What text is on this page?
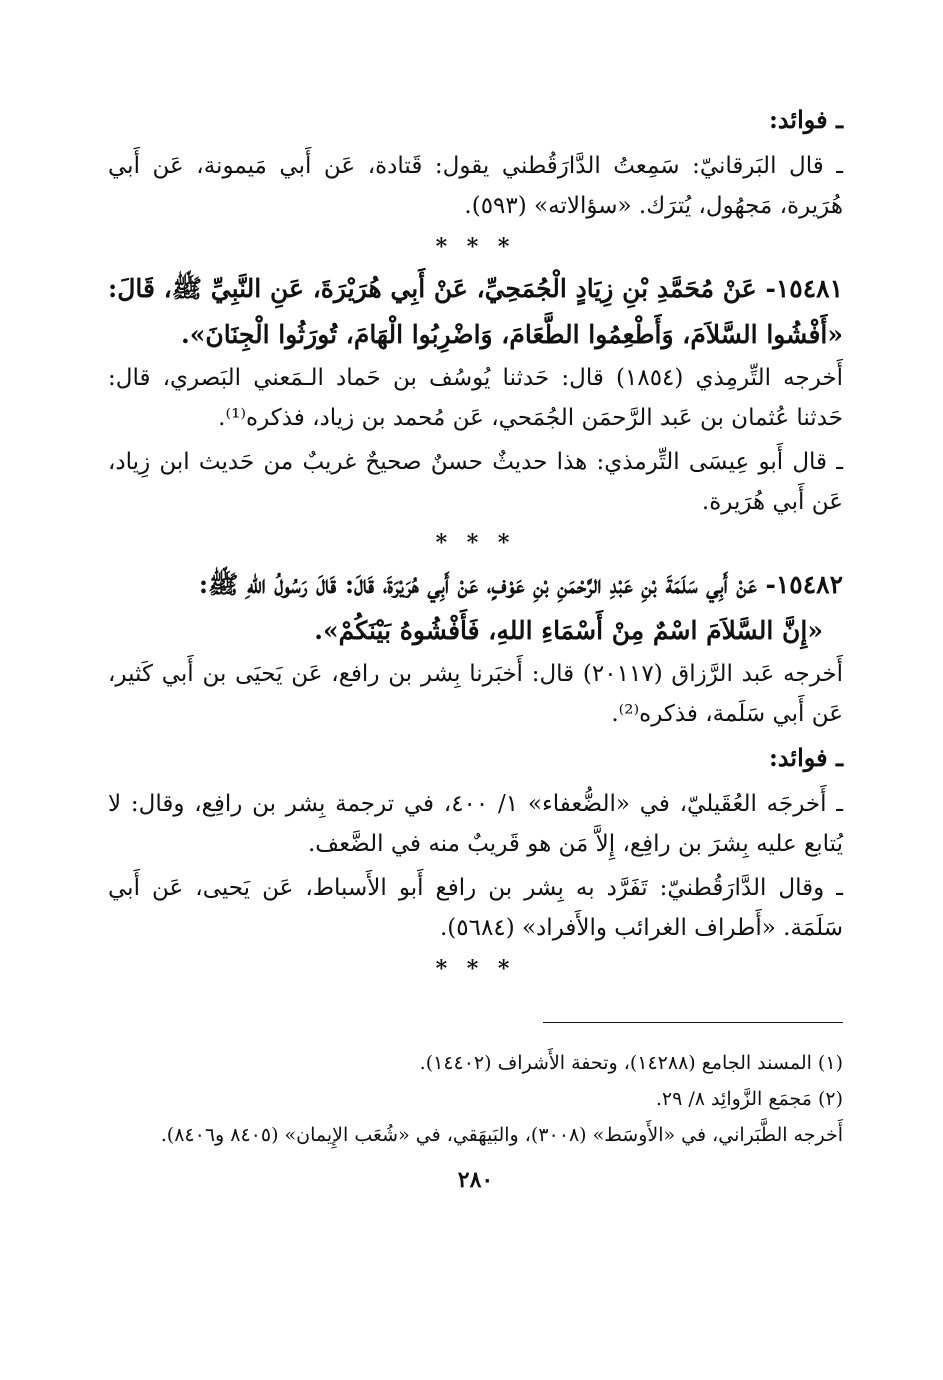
ـ فوائد:

ـ قال البَرقانيّ: سَمِعتُ الدَّارَقُطني يقول: قَتادة، عَن أَبي مَيمونة، عَن أَبي هُرَيرة، مَجهُول، يُترَك. «سؤالاته» (٥٩٣).

* * *

١٥٤٨١- عَنْ مُحَمَّدِ بْنِ زِيَادٍ الْجُمَحِيِّ، عَنْ أَبِي هُرَيْرَةَ، عَنِ النَّبِيِّ ﷺ، قَالَ: «أَفْشُوا السَّلاَمَ، وَأَطْعِمُوا الطَّعَامَ، وَاضْرِبُوا الْهَامَ، تُورَثُوا الْجِنَانَ».

أَخرجه التِّرمِذي (١٨٥٤) قال: حَدثنا يُوسُف بن حَماد الـمَعني البَصري، قال: حَدثنا عُثمان بن عَبد الرَّحمَن الجُمَحي، عَن مُحمد بن زياد، فذكره⁽¹⁾.

ـ قال أَبو عِيسَى التِّرمذي: هذا حديثٌ حسنٌ صحيحٌ غريبٌ من حَديث ابن زِياد، عَن أَبي هُرَيرة.

* * *

١٥٤٨٢- عَنْ أَبِي سَلَمَةَ بْنِ عَبْدِ الرَّحْمَنِ بْنِ عَوْفٍ، عَنْ أَبِي هُرَيْرَةَ، قَالَ: قَالَ رَسُولُ اللهِ ﷺ:

«إِنَّ السَّلاَمَ اسْمٌ مِنْ أَسْمَاءِ اللهِ، فَأَفْشُوهُ بَيْنَكُمْ».

أَخرجه عَبد الرَّزاق (٢٠١١٧) قال: أَخبَرنا بِشر بن رافع، عَن يَحيَى بن أَبي كَثير، عَن أَبي سَلَمة، فذكره⁽²⁾.

ـ فوائد:

ـ أَخرجَه العُقَيليّ، في «الضُّعفاء» ١/ ٤٠٠، في ترجمة بِشر بن رافِع، وقال: لا يُتابع عليه بِشرَ بن رافِع، إِلاَّ مَن هو قَريبٌ منه في الضَّعف.

ـ وقال الدَّارَقُطنيّ: تَفَرَّد به بِشر بن رافع أَبو الأَسباط، عَن يَحيى، عَن أَبي سَلَمَة. «أَطراف الغرائب والأَفراد» (٥٦٨٤).

* * *

(١) المسند الجامع (١٤٢٨٨)، وتحفة الأَشراف (١٤٤٠٢).

(٢) مَجمَع الزَّوائِد ٨/ ٢٩.

أَخرجه الطَّبَراني، في «الأَوسَط» (٣٠٠٨)، والبَيهَقي، في «شُعَب الإِيمان» (٨٤٠٥ و٨٤٠٦).

٢٨٠
